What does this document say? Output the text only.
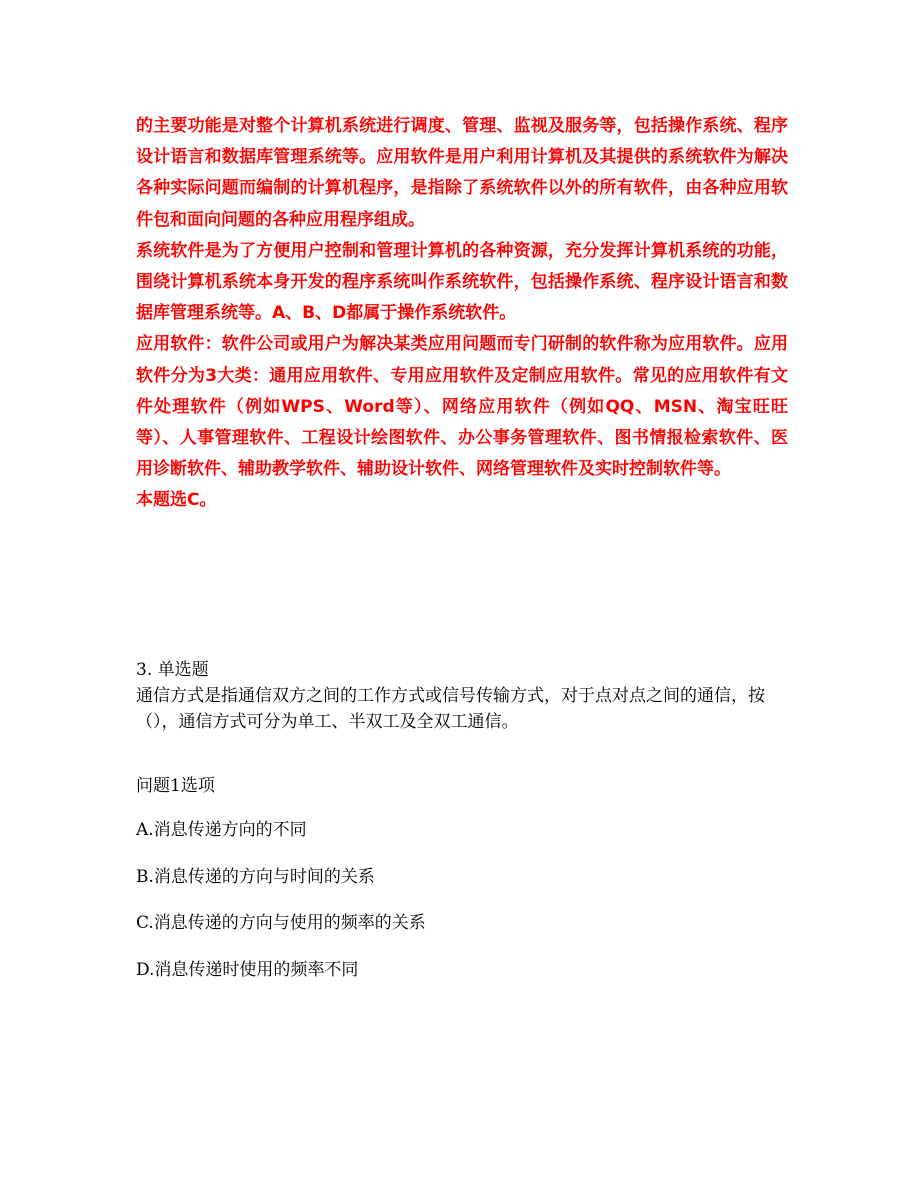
的主要功能是对整个计算机系统进行调度、管理、监视及服务等，包括操作系统、程序设计语言和数据库管理系统等。应用软件是用户利用计算机及其提供的系统软件为解决各种实际问题而编制的计算机程序，是指除了系统软件以外的所有软件，由各种应用软件包和面向问题的各种应用程序组成。

系统软件是为了方便用户控制和管理计算机的各种资源，充分发挥计算机系统的功能，围绕计算机系统本身开发的程序系统叫作系统软件，包括操作系统、程序设计语言和数据库管理系统等。A、B、D都属于操作系统软件。

应用软件：软件公司或用户为解决某类应用问题而专门研制的软件称为应用软件。应用软件分为3大类：通用应用软件、专用应用软件及定制应用软件。常见的应用软件有文件处理软件（例如WPS、Word等）、网络应用软件（例如QQ、MSN、淘宝旺旺等）、人事管理软件、工程设计绘图软件、办公事务管理软件、图书情报检索软件、医用诊断软件、辅助教学软件、辅助设计软件、网络管理软件及实时控制软件等。

本题选C。

3. 单选题

通信方式是指通信双方之间的工作方式或信号传输方式，对于点对点之间的通信，按（），通信方式可分为单工、半双工及全双工通信。

问题1选项

A.消息传递方向的不同
B.消息传递的方向与时间的关系
C.消息传递的方向与使用的频率的关系
D.消息传递时使用的频率不同
